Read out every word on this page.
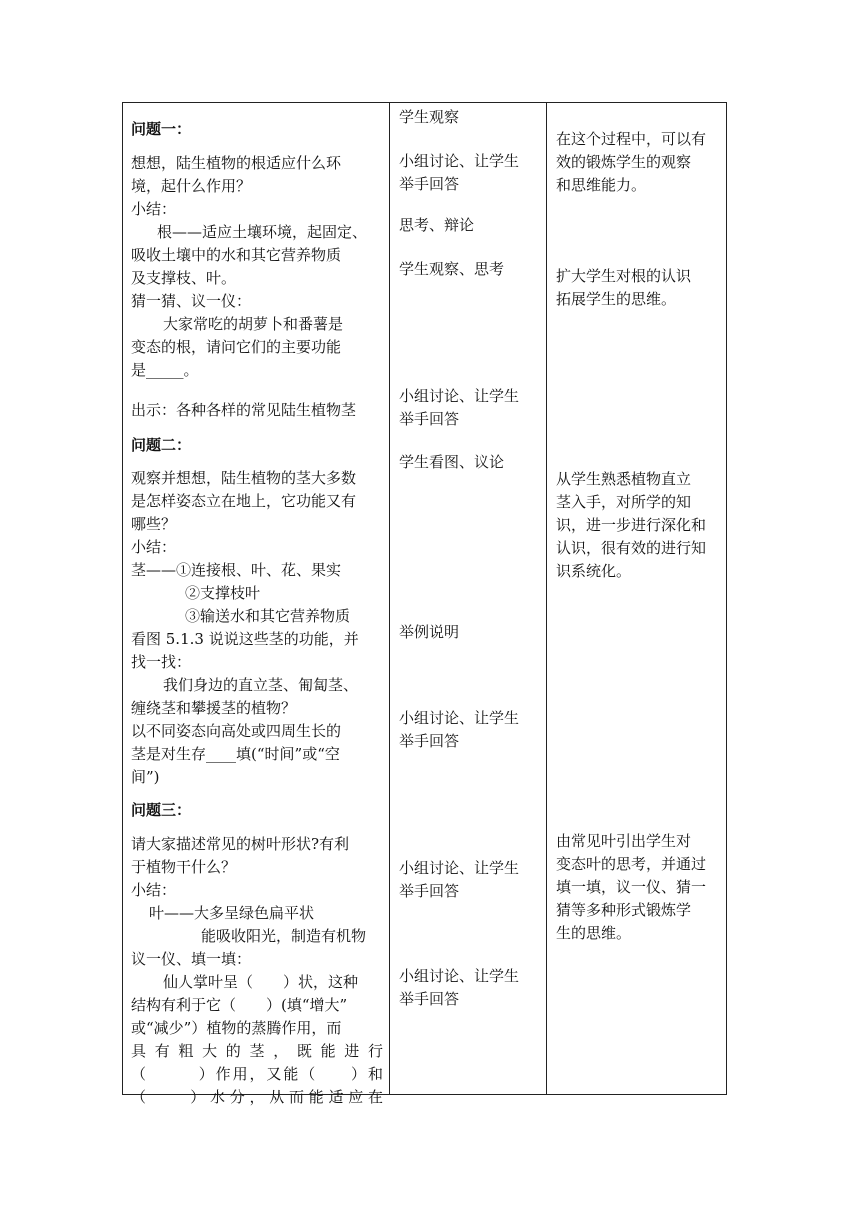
问题一：
想想，陆生植物的根适应什么环
境，起什么作用？
小结：
根——适应土壤环境，起固定、
吸收土壤中的水和其它营养物质
及支撑枝、叶。
猜一猜、议一仪：
大家常吃的胡萝卜和番薯是
变态的根，请问它们的主要功能
是_____。
出示：各种各样的常见陆生植物茎
问题二：
观察并想想，陆生植物的茎大多数
是怎样姿态立在地上，它功能又有
哪些？
小结：
茎——①连接根、叶、花、果实
②支撑枝叶
③输送水和其它营养物质
看图 5.1.3 说说这些茎的功能，并
找一找：
我们身边的直立茎、匍匐茎、
缠绕茎和攀援茎的植物？
以不同姿态向高处或四周生长的
茎是对生存____填(“时间”或“空
间”)
问题三：
请大家描述常见的树叶形状?有利
于植物干什么？
小结：
叶——大多呈绿色扁平状
能吸收阳光，制造有机物
议一仪、填一填：
仙人掌叶呈（　　）状，这种
结构有利于它（　　）(填“增大”
或“减少”）植物的蒸腾作用，而
具有粗大的茎，既能进行
（　　　）作用，又能（　　）和
（　　）水分，从而能适应在
学生观察
小组讨论、让学生
举手回答
思考、辩论
学生观察、思考
小组讨论、让学生
举手回答
学生看图、议论
举例说明
小组讨论、让学生
举手回答
小组讨论、让学生
举手回答
小组讨论、让学生
举手回答
在这个过程中，可以有
效的锻炼学生的观察
和思维能力。
扩大学生对根的认识
拓展学生的思维。
从学生熟悉植物直立
茎入手，对所学的知
识，进一步进行深化和
认识，很有效的进行知
识系统化。
由常见叶引出学生对
变态叶的思考，并通过
填一填，议一仪、猜一
猜等多种形式锻炼学
生的思维。
